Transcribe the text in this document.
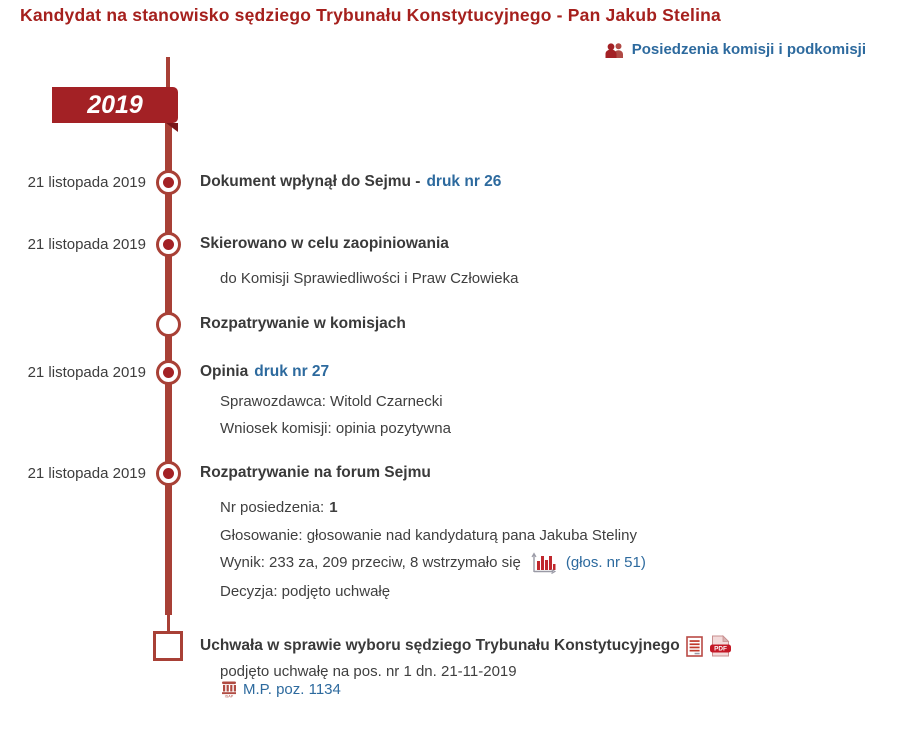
Kandydat na stanowisko sędziego Trybunału Konstytucyjnego - Pan Jakub Stelina
Posiedzenia komisji i podkomisji
2019
21 listopada 2019
21 listopada 2019
21 listopada 2019
21 listopada 2019
Dokument wpłynął do Sejmu - druk nr 26
Skierowano w celu zaopiniowania
do Komisji Sprawiedliwości i Praw Człowieka
Rozpatrywanie w komisjach
Opinia druk nr 27
Sprawozdawca: Witold Czarnecki
Wniosek komisji: opinia pozytywna
Rozpatrywanie na forum Sejmu
Nr posiedzenia: 1
Głosowanie: głosowanie nad kandydaturą pana Jakuba Steliny
Wynik: 233 za, 209 przeciw, 8 wstrzymało się	(głos. nr 51)
Decyzja: podjęto uchwałę
Uchwała w sprawie wyboru sędziego Trybunału Konstytucyjnego	PDF
podjęto uchwałę na pos. nr 1 dn. 21-11-2019
ISAP M.P. poz. 1134
